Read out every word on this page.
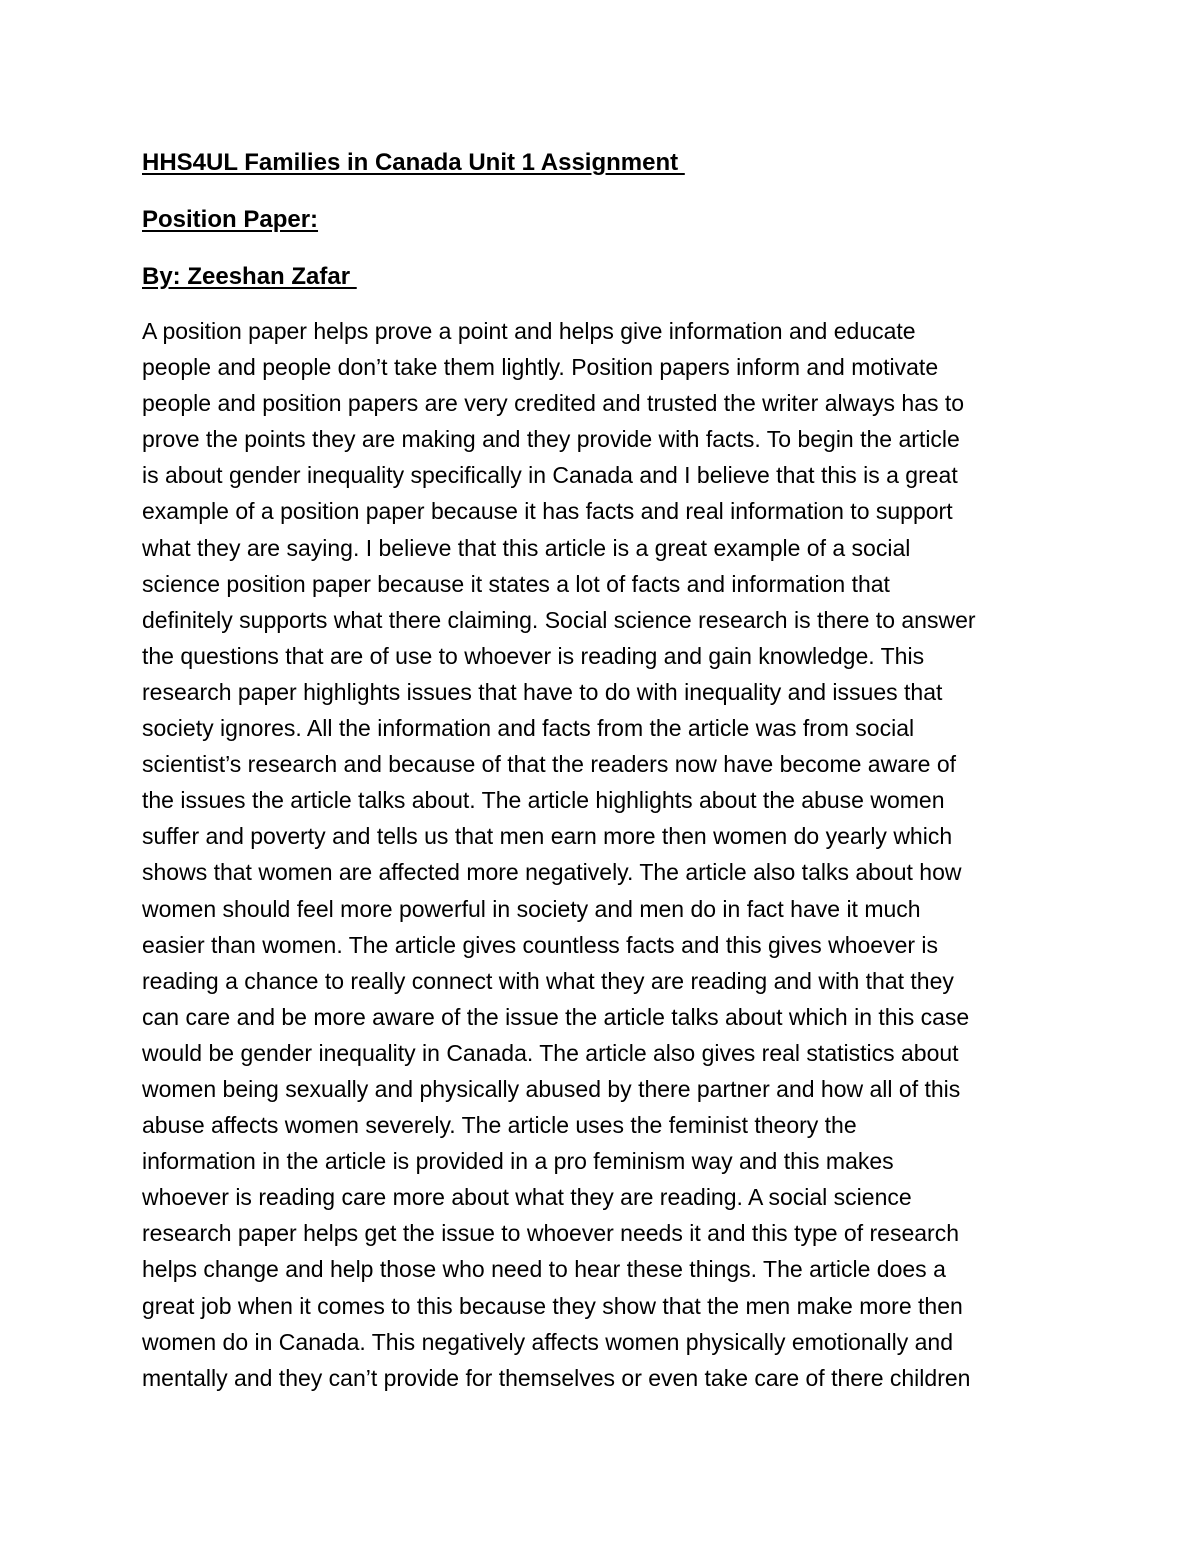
HHS4UL Families in Canada Unit 1 Assignment
Position Paper:
By: Zeeshan Zafar
A position paper helps prove a point and helps give information and educate
people and people don’t take them lightly. Position papers inform and motivate
people and position papers are very credited and trusted the writer always has to
prove the points they are making and they provide with facts. To begin the article
is about gender inequality specifically in Canada and I believe that this is a great
example of a position paper because it has facts and real information to support
what they are saying. I believe that this article is a great example of a social
science position paper because it states a lot of facts and information that
definitely supports what there claiming. Social science research is there to answer
the questions that are of use to whoever is reading and gain knowledge. This
research paper highlights issues that have to do with inequality and issues that
society ignores. All the information and facts from the article was from social
scientist’s research and because of that the readers now have become aware of
the issues the article talks about. The article highlights about the abuse women
suffer and poverty and tells us that men earn more then women do yearly which
shows that women are affected more negatively. The article also talks about how
women should feel more powerful in society and men do in fact have it much
easier than women. The article gives countless facts and this gives whoever is
reading a chance to really connect with what they are reading and with that they
can care and be more aware of the issue the article talks about which in this case
would be gender inequality in Canada. The article also gives real statistics about
women being sexually and physically abused by there partner and how all of this
abuse affects women severely. The article uses the feminist theory the
information in the article is provided in a pro feminism way and this makes
whoever is reading care more about what they are reading. A social science
research paper helps get the issue to whoever needs it and this type of research
helps change and help those who need to hear these things. The article does a
great job when it comes to this because they show that the men make more then
women do in Canada. This negatively affects women physically emotionally and
mentally and they can’t provide for themselves or even take care of there children
